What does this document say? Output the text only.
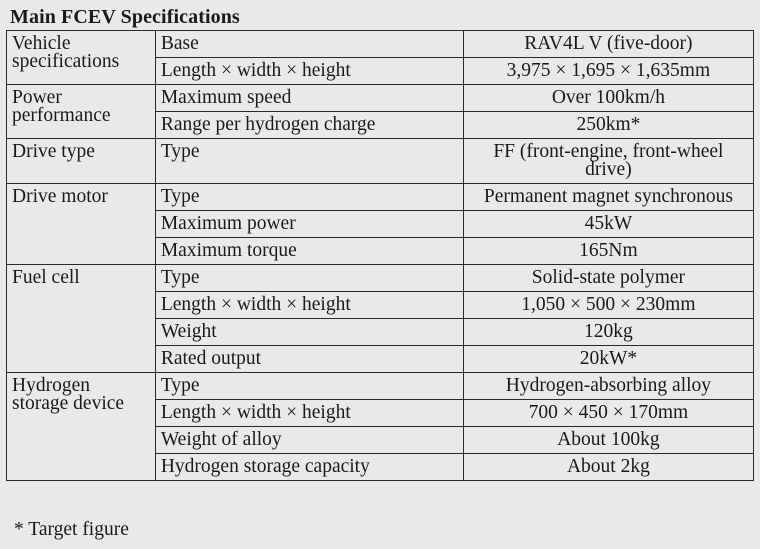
Main FCEV Specifications
Vehicle specifications	Base	RAV4L V (five-door)
	Length × width × height	3,975 × 1,695 × 1,635mm
Power performance	Maximum speed	Over 100km/h
	Range per hydrogen charge	250km*
Drive type	Type	FF (front-engine, front-wheel drive)
Drive motor	Type	Permanent magnet synchronous
	Maximum power	45kW
	Maximum torque	165Nm
Fuel cell	Type	Solid-state polymer
	Length × width × height	1,050 × 500 × 230mm
	Weight	120kg
	Rated output	20kW*
Hydrogen storage device	Type	Hydrogen-absorbing alloy
	Length × width × height	700 × 450 × 170mm
	Weight of alloy	About 100kg
	Hydrogen storage capacity	About 2kg
* Target figure
